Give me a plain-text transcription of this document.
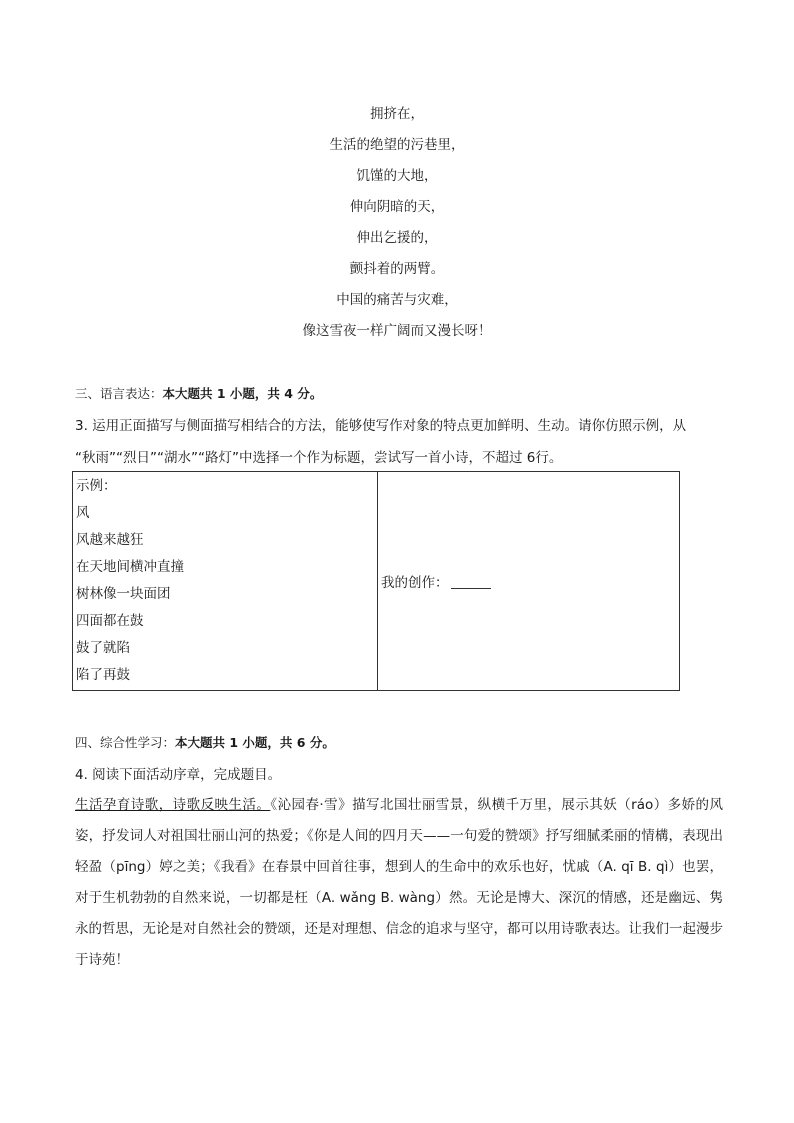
拥挤在，
生活的绝望的污巷里，
饥馑的大地，
伸向阴暗的天，
伸出乞援的，
颤抖着的两臂。
中国的痛苦与灾难，
像这雪夜一样广阔而又漫长呀！
三、语言表达：本大题共 1 小题，共 4 分。
3. 运用正面描写与侧面描写相结合的方法，能够使写作对象的特点更加鲜明、生动。请你仿照示例，从
“秋雨”“烈日”“湖水”“路灯”中选择一个作为标题，尝试写一首小诗，不超过 6行。
示例：
风
风越来越狂
在天地间横冲直撞
树林像一块面团
四面都在鼓
鼓了就陷
陷了再鼓
我的创作：
四、综合性学习：本大题共 1 小题，共 6 分。
4. 阅读下面活动序章，完成题目。
生活孕育诗歌，诗歌反映生活。《沁园春·雪》描写北国壮丽雪景，纵横千万里，展示其妖（ráo）多娇的风姿，抒发词人对祖国壮丽山河的热爱；《你是人间的四月天——一句爱的赞颂》抒写细腻柔丽的情構，表现出轻盈（pīng）婷之美；《我看》在春景中回首往事，想到人的生命中的欢乐也好，忧戚（A. qī B. qì）也罢，对于生机勃勃的自然来说，一切都是枉（A. wǎng B. wàng）然。无论是博大、深沉的情感，还是幽远、隽永的哲思，无论是对自然社会的赞颂，还是对理想、信念的追求与坚守，都可以用诗歌表达。让我们一起漫步于诗苑！
